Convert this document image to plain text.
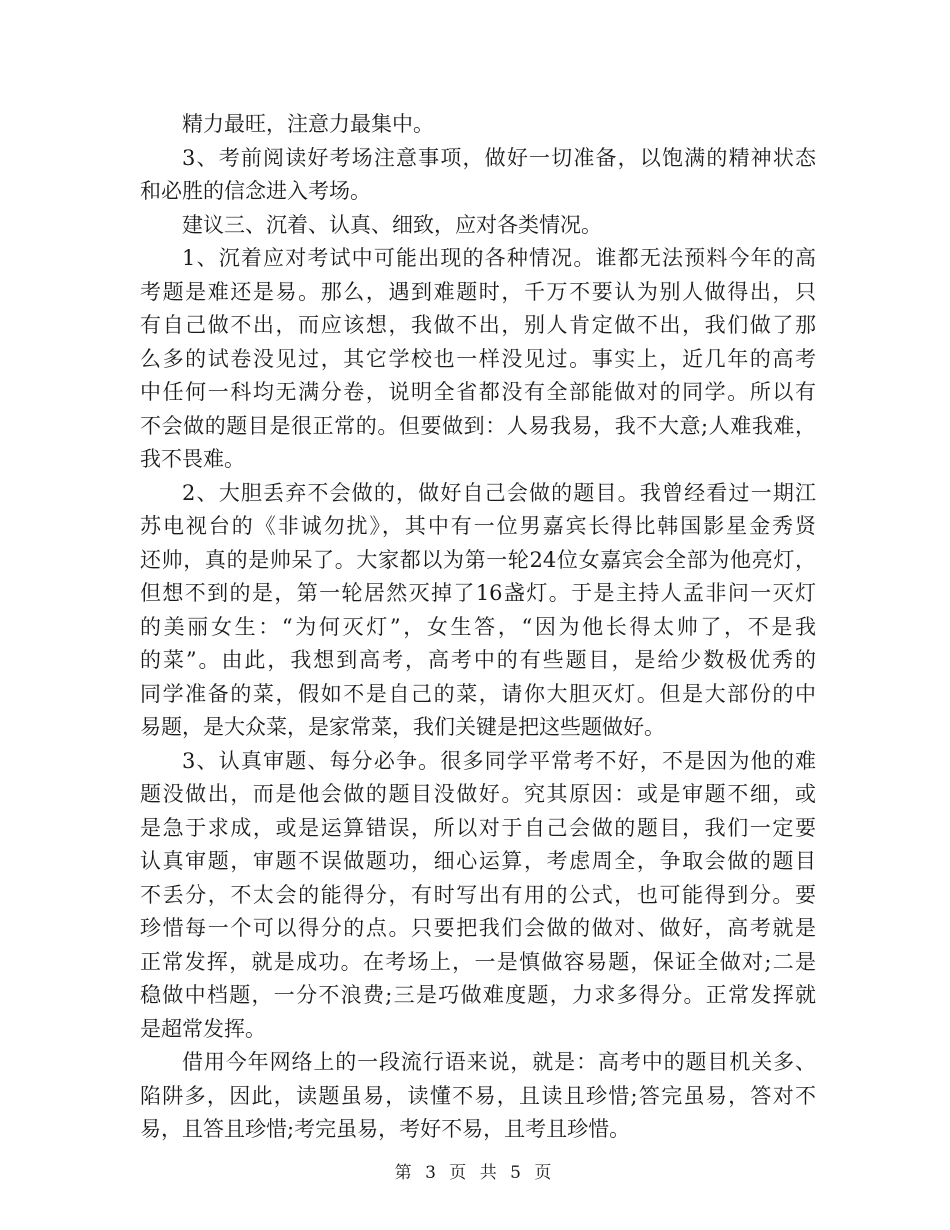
精力最旺，注意力最集中。
3、考前阅读好考场注意事项，做好一切准备，以饱满的精神状态
和必胜的信念进入考场。
建议三、沉着、认真、细致，应对各类情况。
1、沉着应对考试中可能出现的各种情况。谁都无法预料今年的高
考题是难还是易。那么，遇到难题时，千万不要认为别人做得出，只
有自己做不出，而应该想，我做不出，别人肯定做不出，我们做了那
么多的试卷没见过，其它学校也一样没见过。事实上，近几年的高考
中任何一科均无满分卷，说明全省都没有全部能做对的同学。所以有
不会做的题目是很正常的。但要做到：人易我易，我不大意;人难我难，
我不畏难。
2、大胆丢弃不会做的，做好自己会做的题目。我曾经看过一期江
苏电视台的《非诚勿扰》，其中有一位男嘉宾长得比韩国影星金秀贤
还帅，真的是帅呆了。大家都以为第一轮24位女嘉宾会全部为他亮灯，
但想不到的是，第一轮居然灭掉了16盏灯。于是主持人孟非问一灭灯
的美丽女生：“为何灭灯”，女生答，“因为他长得太帅了，不是我
的菜”。由此，我想到高考，高考中的有些题目，是给少数极优秀的
同学准备的菜，假如不是自己的菜，请你大胆灭灯。但是大部份的中
易题，是大众菜，是家常菜，我们关键是把这些题做好。
3、认真审题、每分必争。很多同学平常考不好，不是因为他的难
题没做出，而是他会做的题目没做好。究其原因：或是审题不细，或
是急于求成，或是运算错误，所以对于自己会做的题目，我们一定要
认真审题，审题不误做题功，细心运算，考虑周全，争取会做的题目
不丢分，不太会的能得分，有时写出有用的公式，也可能得到分。要
珍惜每一个可以得分的点。只要把我们会做的做对、做好，高考就是
正常发挥，就是成功。在考场上，一是慎做容易题，保证全做对;二是
稳做中档题，一分不浪费;三是巧做难度题，力求多得分。正常发挥就
是超常发挥。
借用今年网络上的一段流行语来说，就是：高考中的题目机关多、
陷阱多，因此，读题虽易，读懂不易，且读且珍惜;答完虽易，答对不
易，且答且珍惜;考完虽易，考好不易，且考且珍惜。
第 3 页 共 5 页
